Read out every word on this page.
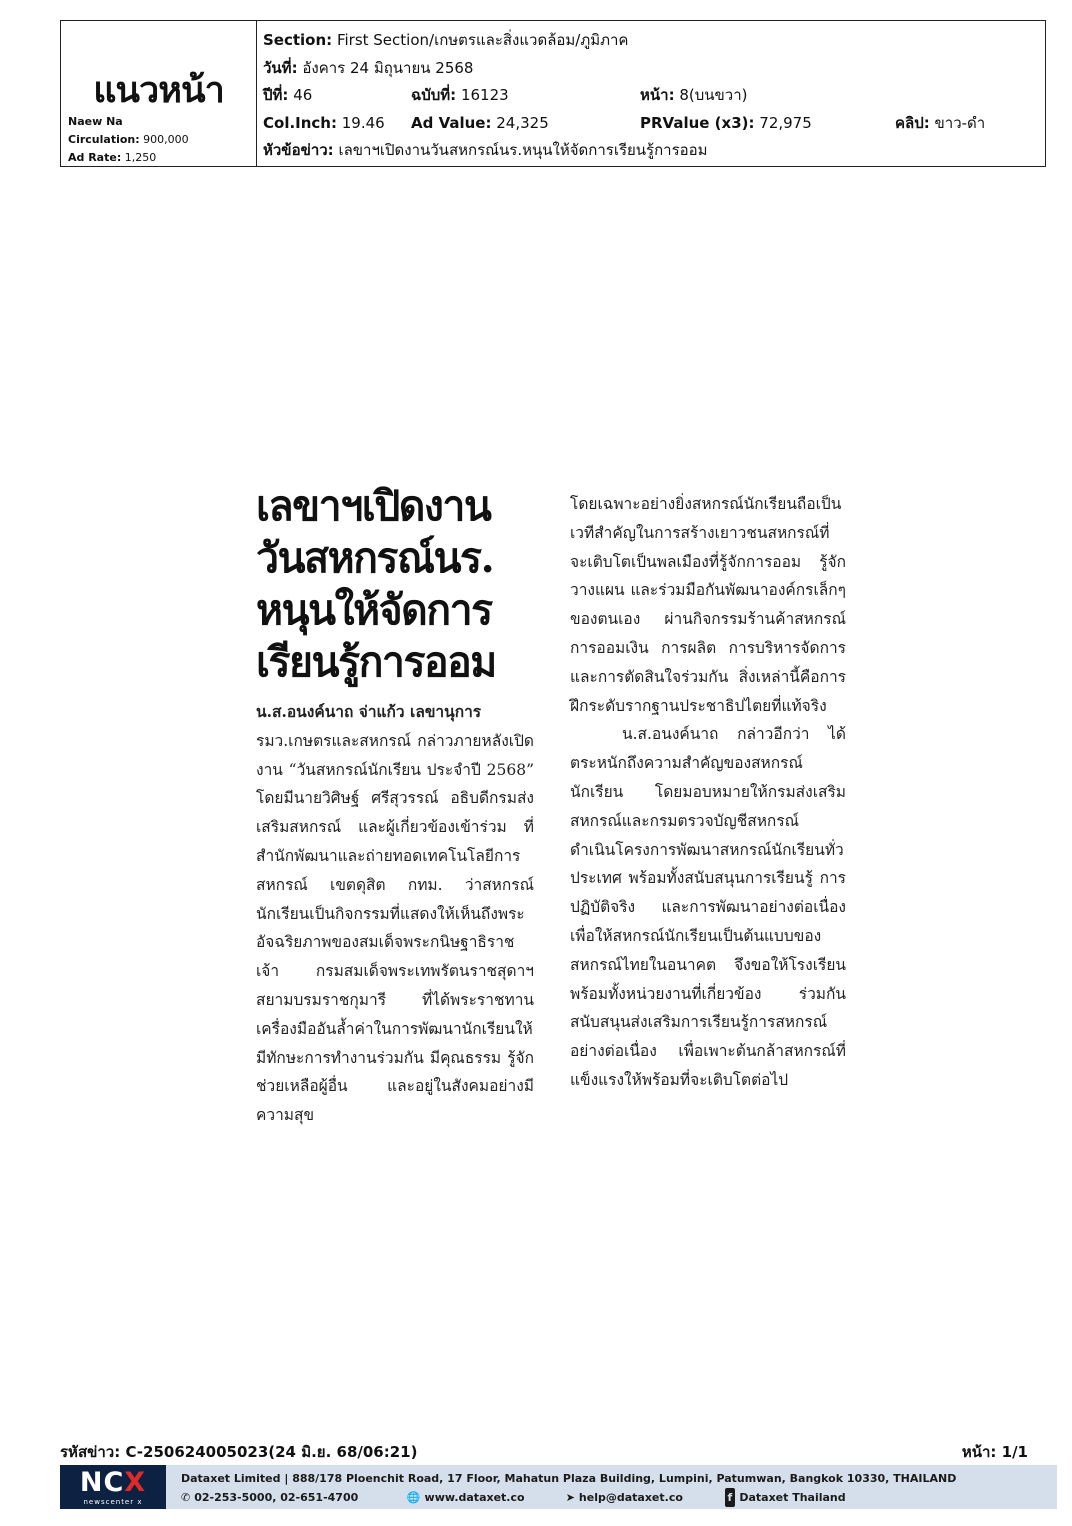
แนวหน้า
Naew Na
Circulation: 900,000
Ad Rate: 1,250
Section: First Section/เกษตรและสิ่งแวดล้อม/ภูมิภาค
วันที่: อังคาร 24 มิถุนายน 2568
ปีที่: 46	ฉบับที่: 16123	หน้า: 8(บนขวา)
Col.Inch: 19.46 Ad Value: 24,325	PRValue (x3): 72,975	คลิป: ขาว-ดำ
หัวข้อข่าว: เลขาฯเปิดงานวันสหกรณ์นร.หนุนให้จัดการเรียนรู้การออม
เลขาฯเปิดงาน
วันสหกรณ์นร.
หนุนให้จัดการ
เรียนรู้การออม

น.ส.อนงค์นาถ จ่าแก้ว เลขานุการ

รมว.เกษตรและสหกรณ์ กล่าวภายหลังเปิดงาน “วันสหกรณ์นักเรียน ประจำปี 2568” โดยมีนายวิศิษฐ์ ศรีสุวรรณ์ อธิบดีกรมส่งเสริมสหกรณ์ และผู้เกี่ยวข้องเข้าร่วม ที่สำนักพัฒนาและถ่ายทอดเทคโนโลยีการสหกรณ์ เขตดุสิต กทม. ว่าสหกรณ์นักเรียนเป็นกิจกรรมที่แสดงให้เห็นถึงพระอัจฉริยภาพของสมเด็จพระกนิษฐาธิราชเจ้า กรมสมเด็จพระเทพรัตนราชสุดาฯ สยามบรมราชกุมารี ที่ได้พระราชทานเครื่องมืออันล้ำค่าในการพัฒนานักเรียนให้มีทักษะการทำงานร่วมกัน มีคุณธรรม รู้จักช่วยเหลือผู้อื่น และอยู่ในสังคมอย่างมีความสุข

โดยเฉพาะอย่างยิ่งสหกรณ์นักเรียนถือเป็นเวทีสำคัญในการสร้างเยาวชนสหกรณ์ที่จะเติบโตเป็นพลเมืองที่รู้จักการออม รู้จักวางแผน และร่วมมือกันพัฒนาองค์กรเล็กๆ ของตนเอง ผ่านกิจกรรมร้านค้าสหกรณ์ การออมเงิน การผลิต การบริหารจัดการ และการตัดสินใจร่วมกัน สิ่งเหล่านี้คือการฝึกระดับรากฐานประชาธิปไตยที่แท้จริง

น.ส.อนงค์นาถ กล่าวอีกว่า ได้ตระหนักถึงความสำคัญของสหกรณ์นักเรียน โดยมอบหมายให้กรมส่งเสริมสหกรณ์และกรมตรวจบัญชีสหกรณ์ ดำเนินโครงการพัฒนาสหกรณ์นักเรียนทั่วประเทศ พร้อมทั้งสนับสนุนการเรียนรู้ การปฏิบัติจริง และการพัฒนาอย่างต่อเนื่องเพื่อให้สหกรณ์นักเรียนเป็นต้นแบบของสหกรณ์ไทยในอนาคต จึงขอให้โรงเรียนพร้อมทั้งหน่วยงานที่เกี่ยวข้อง ร่วมกันสนับสนุนส่งเสริมการเรียนรู้การสหกรณ์อย่างต่อเนื่อง เพื่อเพาะต้นกล้าสหกรณ์ที่แข็งแรงให้พร้อมที่จะเติบโตต่อไป

รหัสข่าว: C-250624005023(24 มิ.ย. 68/06:21)	หน้า: 1/1
NCX
newscenter x
Dataxet Limited | 888/178 Ploenchit Road, 17 Floor, Mahatun Plaza Building, Lumpini, Patumwan, Bangkok 10330, THAILAND
✆ 02-253-5000, 02-651-4700	🌐 www.dataxet.co	➤ help@dataxet.co	f Dataxet Thailand
